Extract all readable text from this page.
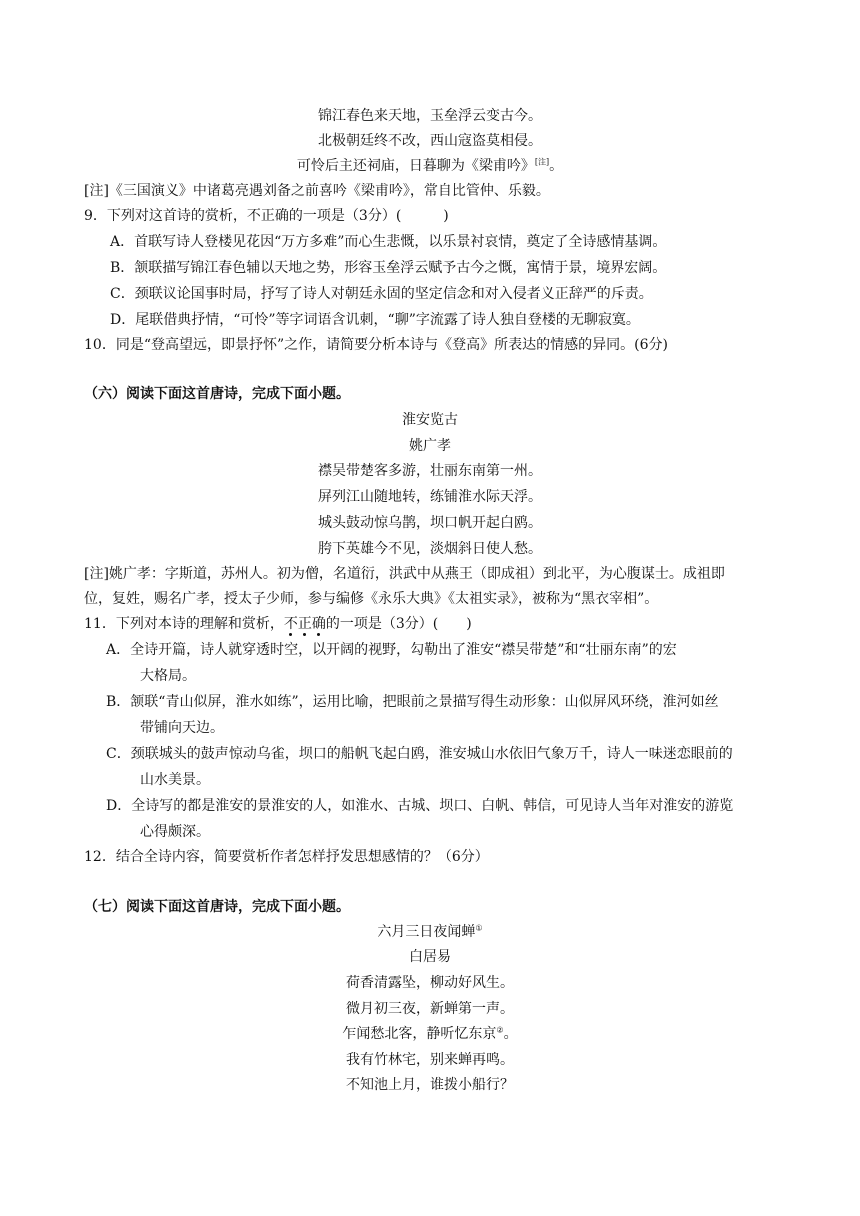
锦江春色来天地，玉垒浮云变古今。
北极朝廷终不改，西山寇盗莫相侵。
可怜后主还祠庙，日暮聊为《梁甫吟》[注]。
[注]《三国演义》中诸葛亮遇刘备之前喜吟《梁甫吟》，常自比管仲、乐毅。
9．下列对这首诗的赏析，不正确的一项是（3分）(　　　)
A．首联写诗人登楼见花因“万方多难”而心生悲慨，以乐景衬哀情，奠定了全诗感情基调。
B．颔联描写锦江春色辅以天地之势，形容玉垒浮云赋予古今之慨，寓情于景，境界宏阔。
C．颈联议论国事时局，抒写了诗人对朝廷永固的坚定信念和对入侵者义正辞严的斥责。
D．尾联借典抒情，“可怜”等字词语含讥刺，“聊”字流露了诗人独自登楼的无聊寂寞。
10．同是“登高望远，即景抒怀”之作，请简要分析本诗与《登高》所表达的情感的异同。(6分)
（六）阅读下面这首唐诗，完成下面小题。
淮安览古
姚广孝
襟吴带楚客多游，壮丽东南第一州。
屏列江山随地转，练铺淮水际天浮。
城头鼓动惊乌鹊，坝口帆开起白鸥。
胯下英雄今不见，淡烟斜日使人愁。
[注]姚广孝：字斯道，苏州人。初为僧，名道衍，洪武中从燕王（即成祖）到北平，为心腹谋士。成祖即
位，复姓，赐名广孝，授太子少师，参与编修《永乐大典》《太祖实录》，被称为“黑衣宰相”。
11．下列对本诗的理解和赏析，不正确的一项是（3分）(　　)
A．全诗开篇，诗人就穿透时空，以开阔的视野，勾勒出了淮安“襟吴带楚”和“壮丽东南”的宏
大格局。
B．颔联“青山似屏，淮水如练”，运用比喻，把眼前之景描写得生动形象：山似屏风环绕，淮河如丝
带铺向天边。
C．颈联城头的鼓声惊动乌雀，坝口的船帆飞起白鸥，淮安城山水依旧气象万千，诗人一味迷恋眼前的
山水美景。
D．全诗写的都是淮安的景淮安的人，如淮水、古城、坝口、白帆、韩信，可见诗人当年对淮安的游览
心得颇深。
12．结合全诗内容，简要赏析作者怎样抒发思想感情的？（6分）
（七）阅读下面这首唐诗，完成下面小题。
六月三日夜闻蝉①
白居易
荷香清露坠，柳动好风生。
微月初三夜，新蝉第一声。
乍闻愁北客，静听忆东京②。
我有竹林宅，别来蝉再鸣。
不知池上月，谁拨小船行？
